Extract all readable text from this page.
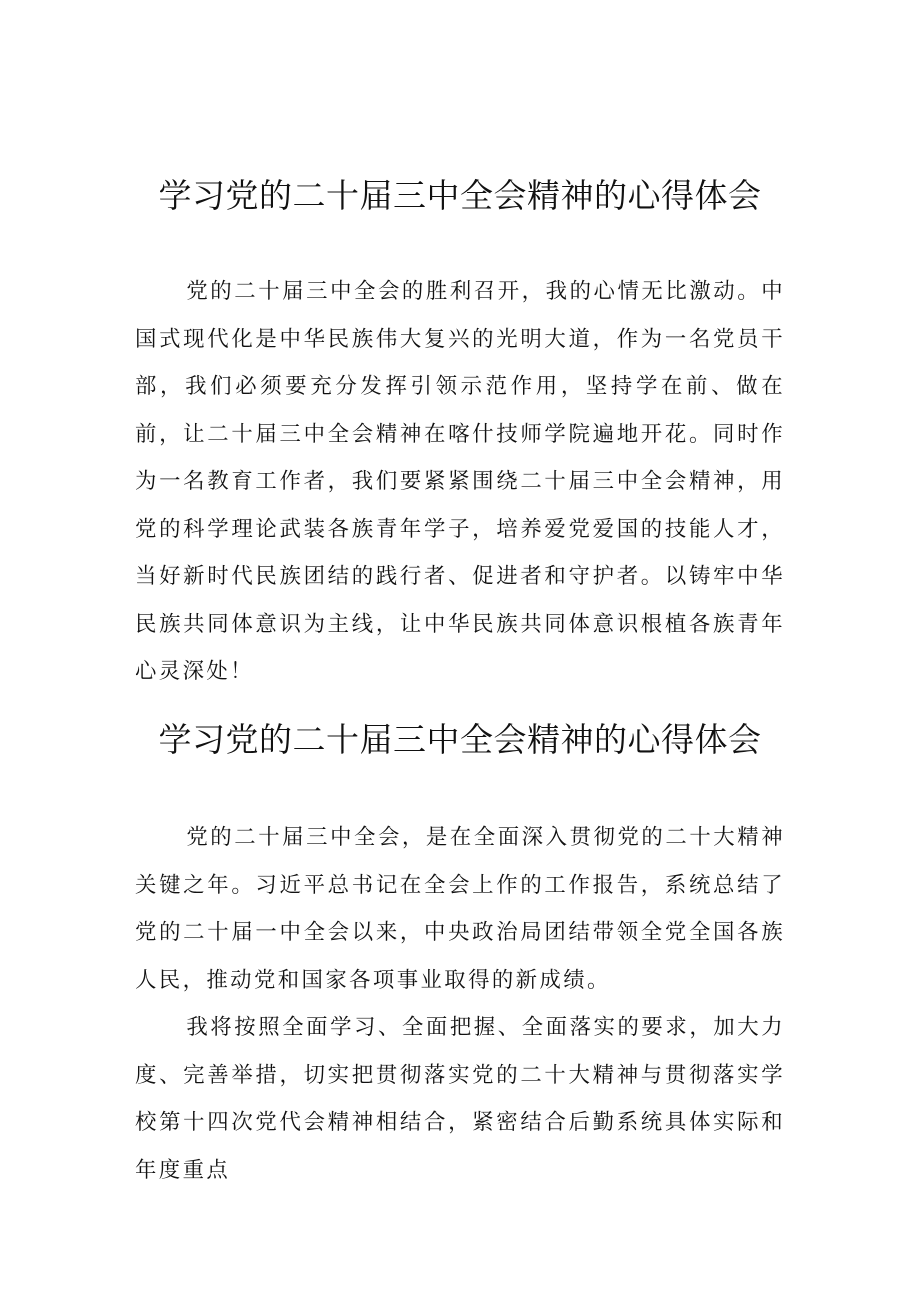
学习党的二十届三中全会精神的心得体会

党的二十届三中全会的胜利召开，我的心情无比激动。中国式现代化是中华民族伟大复兴的光明大道，作为一名党员干部，我们必须要充分发挥引领示范作用，坚持学在前、做在前，让二十届三中全会精神在喀什技师学院遍地开花。同时作为一名教育工作者，我们要紧紧围绕二十届三中全会精神，用党的科学理论武装各族青年学子，培养爱党爱国的技能人才，当好新时代民族团结的践行者、促进者和守护者。以铸牢中华民族共同体意识为主线，让中华民族共同体意识根植各族青年心灵深处！

学习党的二十届三中全会精神的心得体会

党的二十届三中全会，是在全面深入贯彻党的二十大精神关键之年。习近平总书记在全会上作的工作报告，系统总结了党的二十届一中全会以来，中央政治局团结带领全党全国各族人民，推动党和国家各项事业取得的新成绩。

我将按照全面学习、全面把握、全面落实的要求，加大力度、完善举措，切实把贯彻落实党的二十大精神与贯彻落实学校第十四次党代会精神相结合，紧密结合后勤系统具体实际和年度重点
